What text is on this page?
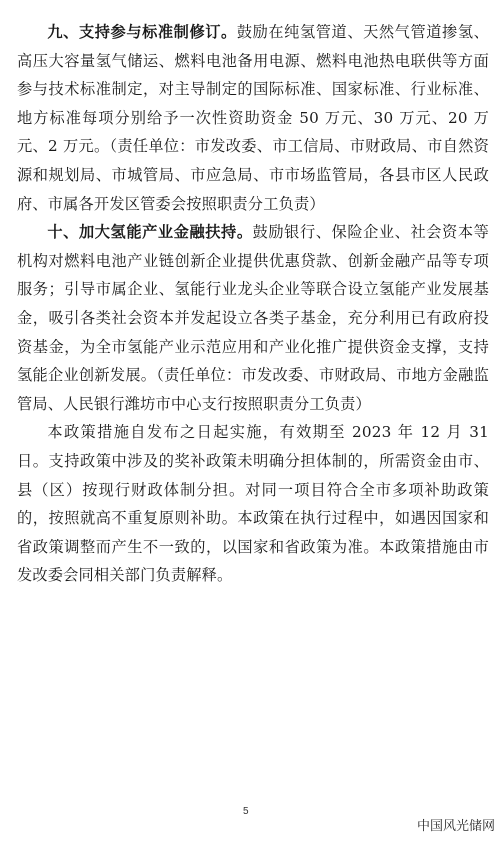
九、支持参与标准制修订。鼓励在纯氢管道、天然气管道掺氢、高压大容量氢气储运、燃料电池备用电源、燃料电池热电联供等方面参与技术标准制定，对主导制定的国际标准、国家标准、行业标准、地方标准每项分别给予一次性资助资金 50 万元、30 万元、20 万元、2 万元。（责任单位：市发改委、市工信局、市财政局、市自然资源和规划局、市城管局、市应急局、市市场监管局，各县市区人民政府、市属各开发区管委会按照职责分工负责）

十、加大氢能产业金融扶持。鼓励银行、保险企业、社会资本等机构对燃料电池产业链创新企业提供优惠贷款、创新金融产品等专项服务；引导市属企业、氢能行业龙头企业等联合设立氢能产业发展基金，吸引各类社会资本并发起设立各类子基金，充分利用已有政府投资基金，为全市氢能产业示范应用和产业化推广提供资金支撑，支持氢能企业创新发展。（责任单位：市发改委、市财政局、市地方金融监管局、人民银行潍坊市中心支行按照职责分工负责）

本政策措施自发布之日起实施，有效期至 2023 年 12 月 31 日。支持政策中涉及的奖补政策未明确分担体制的，所需资金由市、县（区）按现行财政体制分担。对同一项目符合全市多项补助政策的，按照就高不重复原则补助。本政策在执行过程中，如遇因国家和省政策调整而产生不一致的，以国家和省政策为准。本政策措施由市发改委会同相关部门负责解释。

5
中国风光储网
